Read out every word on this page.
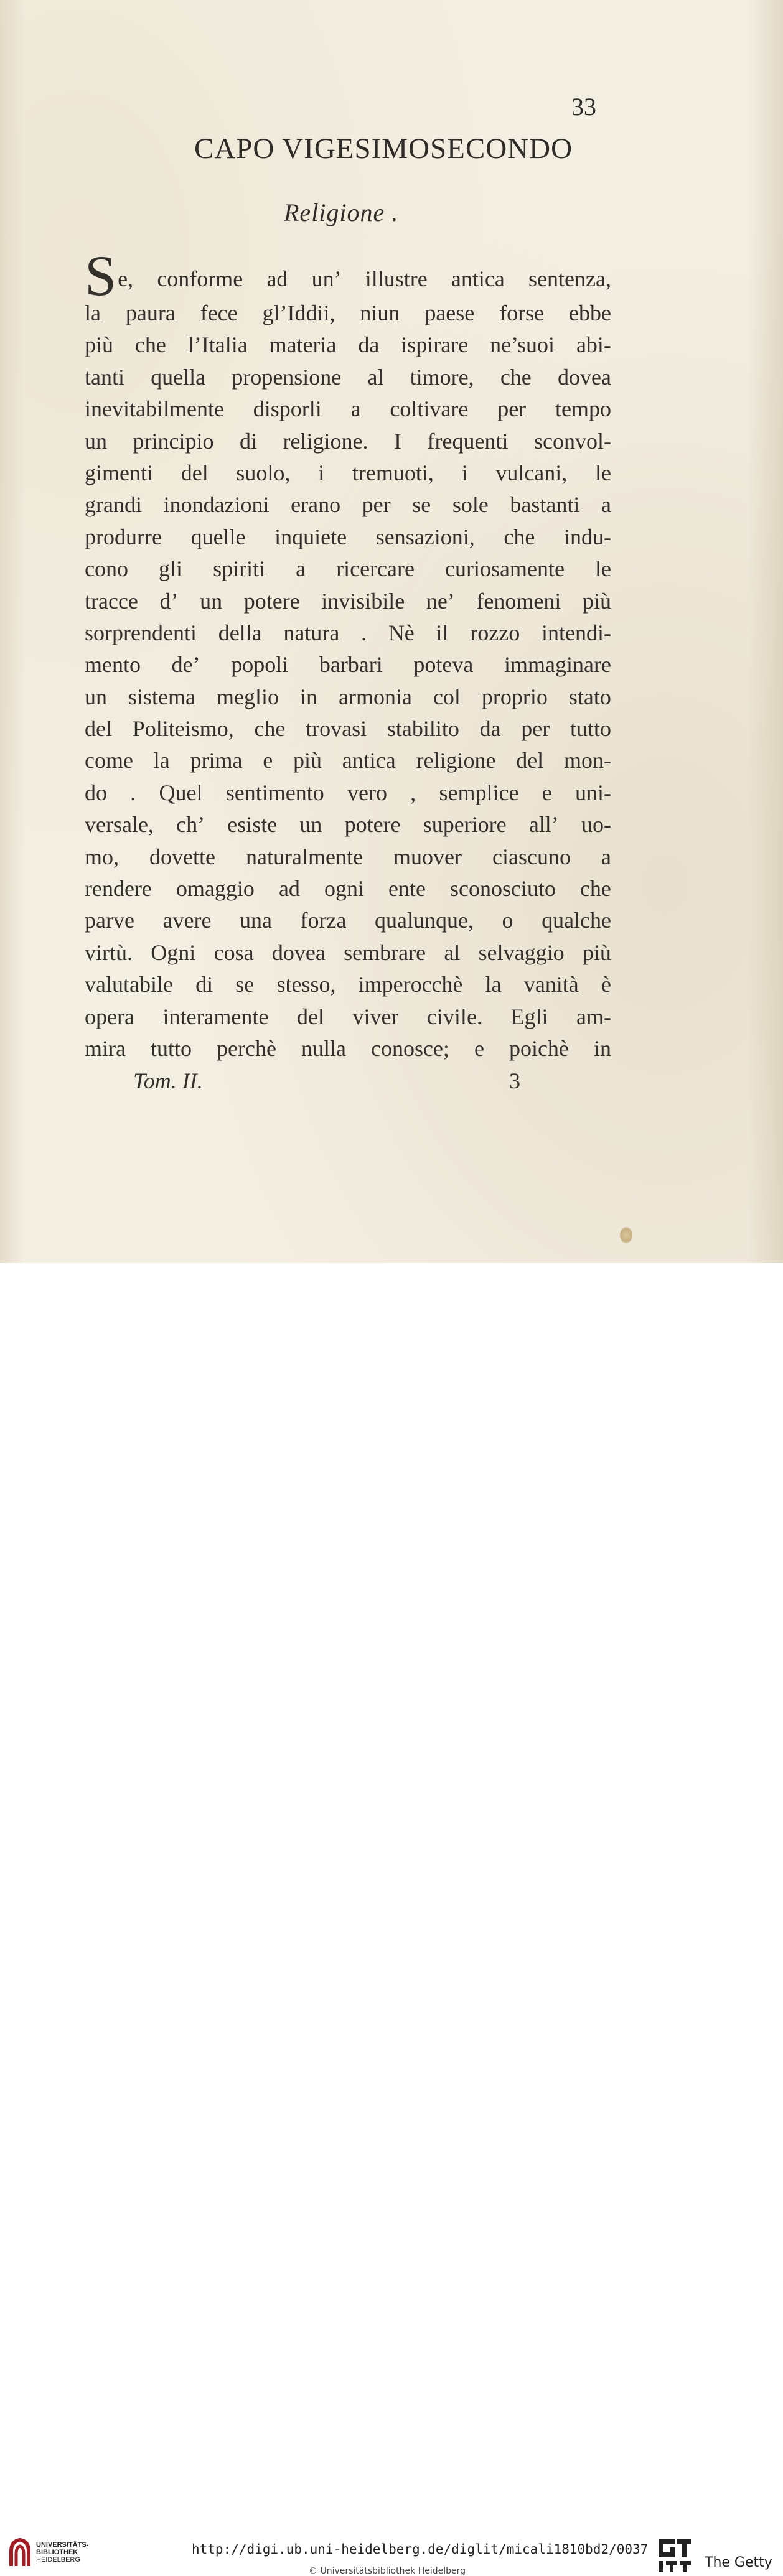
33
CAPO VIGESIMOSECONDO
Religione .
S e, conforme ad un’ illustre antica sentenza,
la paura fece gl’Iddii, niun paese forse ebbe
più che l’Italia materia da ispirare ne’suoi abi-
tanti quella propensione al timore, che dovea
inevitabilmente disporli a coltivare per tempo
un principio di religione. I frequenti sconvol-
gimenti del suolo, i tremuoti, i vulcani, le
grandi inondazioni erano per se sole bastanti a
produrre quelle inquiete sensazioni, che indu-
cono gli spiriti a ricercare curiosamente le
tracce d’ un potere invisibile ne’ fenomeni più
sorprendenti della natura . Nè il rozzo intendi-
mento de’ popoli barbari poteva immaginare
un sistema meglio in armonia col proprio stato
del Politeismo, che trovasi stabilito da per tutto
come la prima e più antica religione del mon-
do . Quel sentimento vero , semplice e uni-
versale, ch’ esiste un potere superiore all’ uo-
mo, dovette naturalmente muover ciascuno a
rendere omaggio ad ogni ente sconosciuto che
parve avere una forza qualunque, o qualche
virtù. Ogni cosa dovea sembrare al selvaggio più
valutabile di se stesso, imperocchè la vanità è
opera interamente del viver civile. Egli am-
mira tutto perchè nulla conosce; e poichè in
Tom. II.	3
UNIVERSITÄTS-
BIBLIOTHEK
HEIDELBERG
http://digi.ub.uni-heidelberg.de/diglit/micali1810bd2/0037
© Universitätsbibliothek Heidelberg
The Getty
